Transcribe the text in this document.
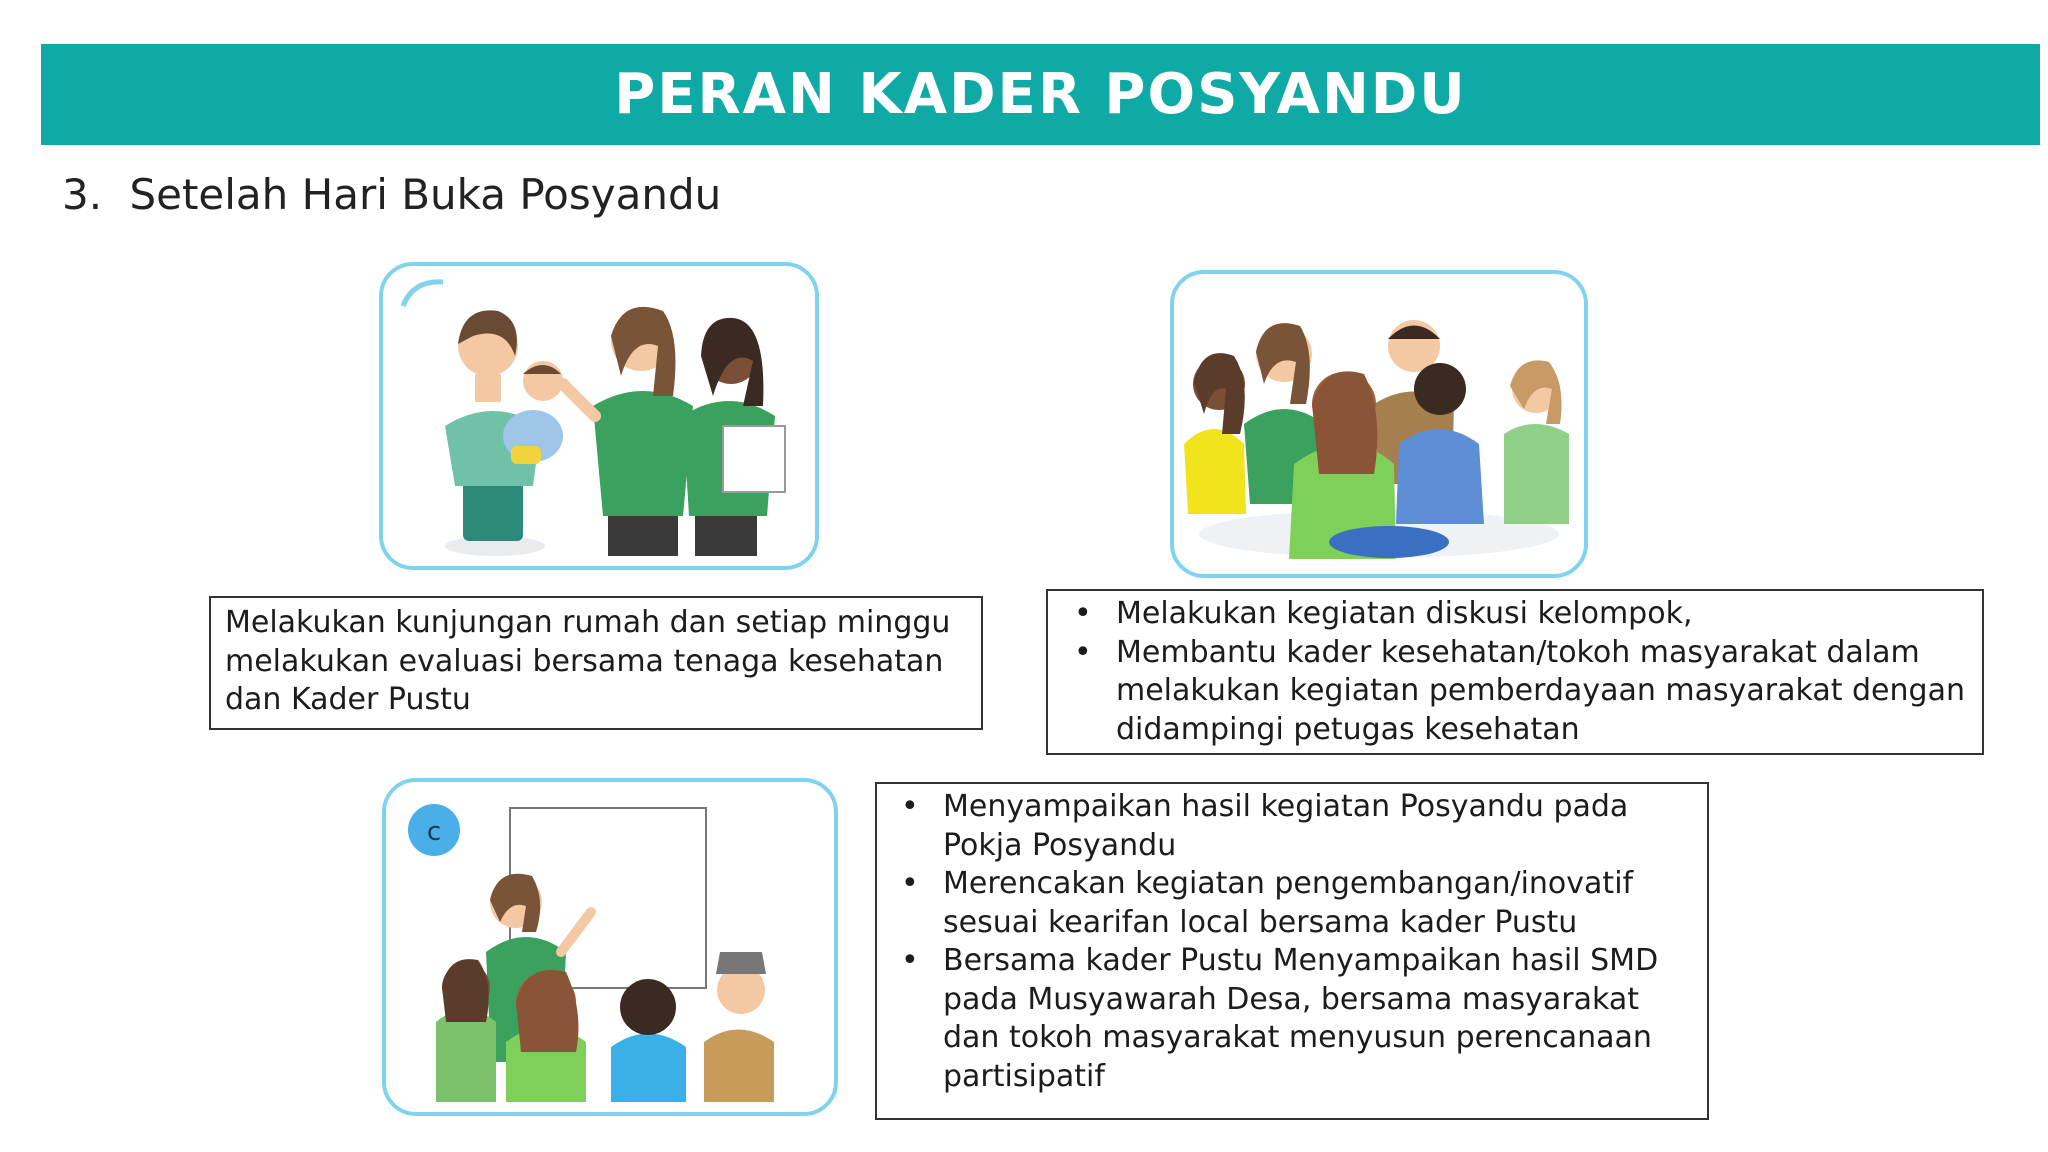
PERAN KADER POSYANDU
3. Setelah Hari Buka Posyandu
c

Melakukan kunjungan rumah dan setiap minggu melakukan evaluasi bersama tenaga kesehatan dan Kader Pustu

• Melakukan kegiatan diskusi kelompok,
• Membantu kader kesehatan/tokoh masyarakat dalam melakukan kegiatan pemberdayaan masyarakat dengan didampingi petugas kesehatan
• Menyampaikan hasil kegiatan Posyandu pada Pokja Posyandu
• Merencakan kegiatan pengembangan/inovatif sesuai kearifan local bersama kader Pustu
• Bersama kader Pustu Menyampaikan hasil SMD pada Musyawarah Desa, bersama masyarakat dan tokoh masyarakat menyusun perencanaan partisipatif
